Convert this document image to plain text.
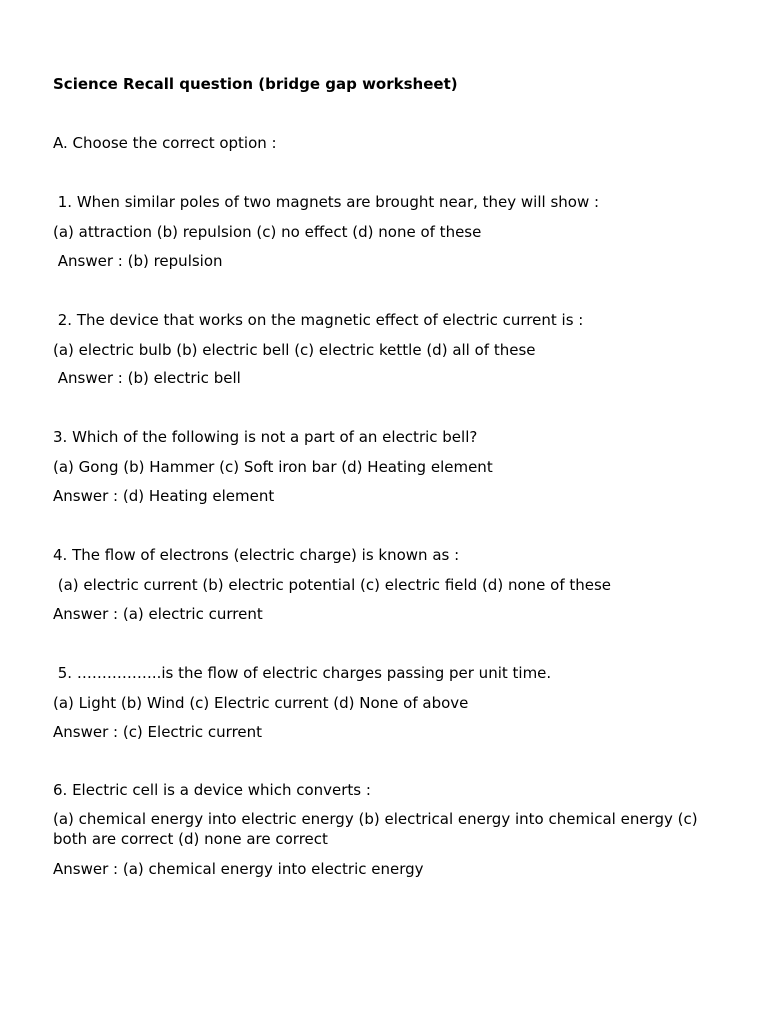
Science Recall question (bridge gap worksheet)
A. Choose the correct option :
1. When similar poles of two magnets are brought near, they will show :
(a) attraction (b) repulsion (c) no effect (d) none of these
Answer : (b) repulsion
2. The device that works on the magnetic effect of electric current is :
(a) electric bulb (b) electric bell (c) electric kettle (d) all of these
Answer : (b) electric bell
3. Which of the following is not a part of an electric bell?
(a) Gong (b) Hammer (c) Soft iron bar (d) Heating element
Answer : (d) Heating element
4. The flow of electrons (electric charge) is known as :
(a) electric current (b) electric potential (c) electric field (d) none of these
Answer : (a) electric current
5. ……………..is the flow of electric charges passing per unit time.
(a) Light (b) Wind (c) Electric current (d) None of above
Answer : (c) Electric current
6. Electric cell is a device which converts :
(a) chemical energy into electric energy (b) electrical energy into chemical energy (c) both are correct (d) none are correct
Answer : (a) chemical energy into electric energy
